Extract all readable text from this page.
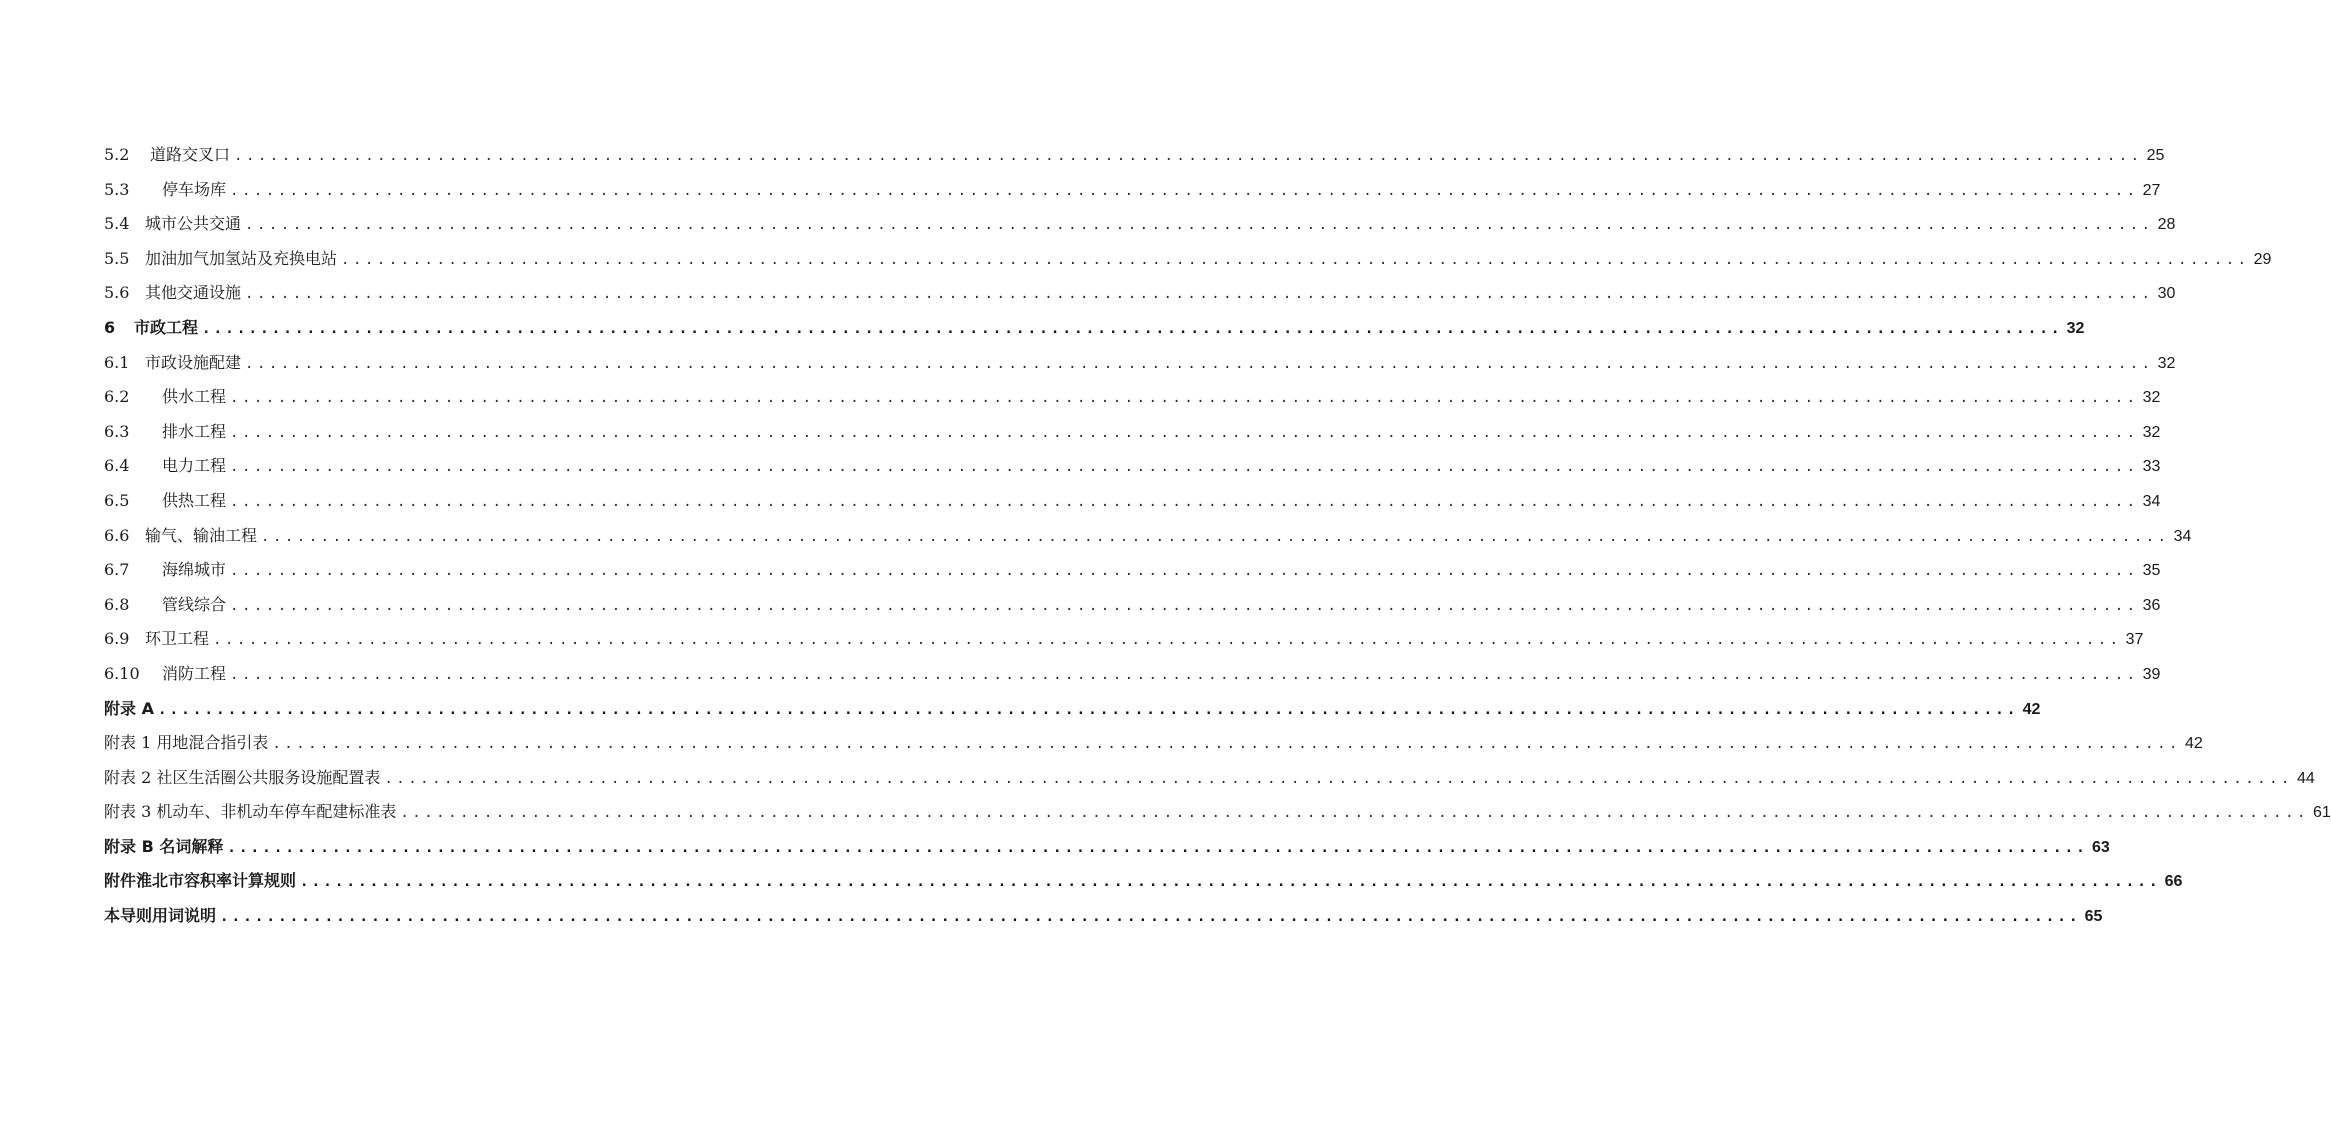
5.2 道路交叉口 ................................................................................................................................................................ 25
5.3 停车场库 ................................................................................................................................................................ 27
5.4 城市公共交通 ................................................................................................................................................................ 28
5.5 加油加气加氢站及充换电站 ................................................................................................................................................................ 29
5.6 其他交通设施 ................................................................................................................................................................ 30
6 市政工程 ................................................................................................................................................................ 32
6.1 市政设施配建 ................................................................................................................................................................ 32
6.2 供水工程 ................................................................................................................................................................ 32
6.3 排水工程 ................................................................................................................................................................ 32
6.4 电力工程 ................................................................................................................................................................ 33
6.5 供热工程 ................................................................................................................................................................ 34
6.6 输气、输油工程 ................................................................................................................................................................ 34
6.7 海绵城市 ................................................................................................................................................................ 35
6.8 管线综合 ................................................................................................................................................................ 36
6.9 环卫工程 ................................................................................................................................................................ 37
6.10 消防工程 ................................................................................................................................................................ 39
附录 A ................................................................................................................................................................ 42
附表 1 用地混合指引表 ................................................................................................................................................................ 42
附表 2 社区生活圈公共服务设施配置表 ................................................................................................................................................................ 44
附表 3 机动车、非机动车停车配建标准表 ................................................................................................................................................................ 61
附录 B 名词解释 ................................................................................................................................................................ 63
附件淮北市容积率计算规则 ................................................................................................................................................................ 66
本导则用词说明 ................................................................................................................................................................ 65
